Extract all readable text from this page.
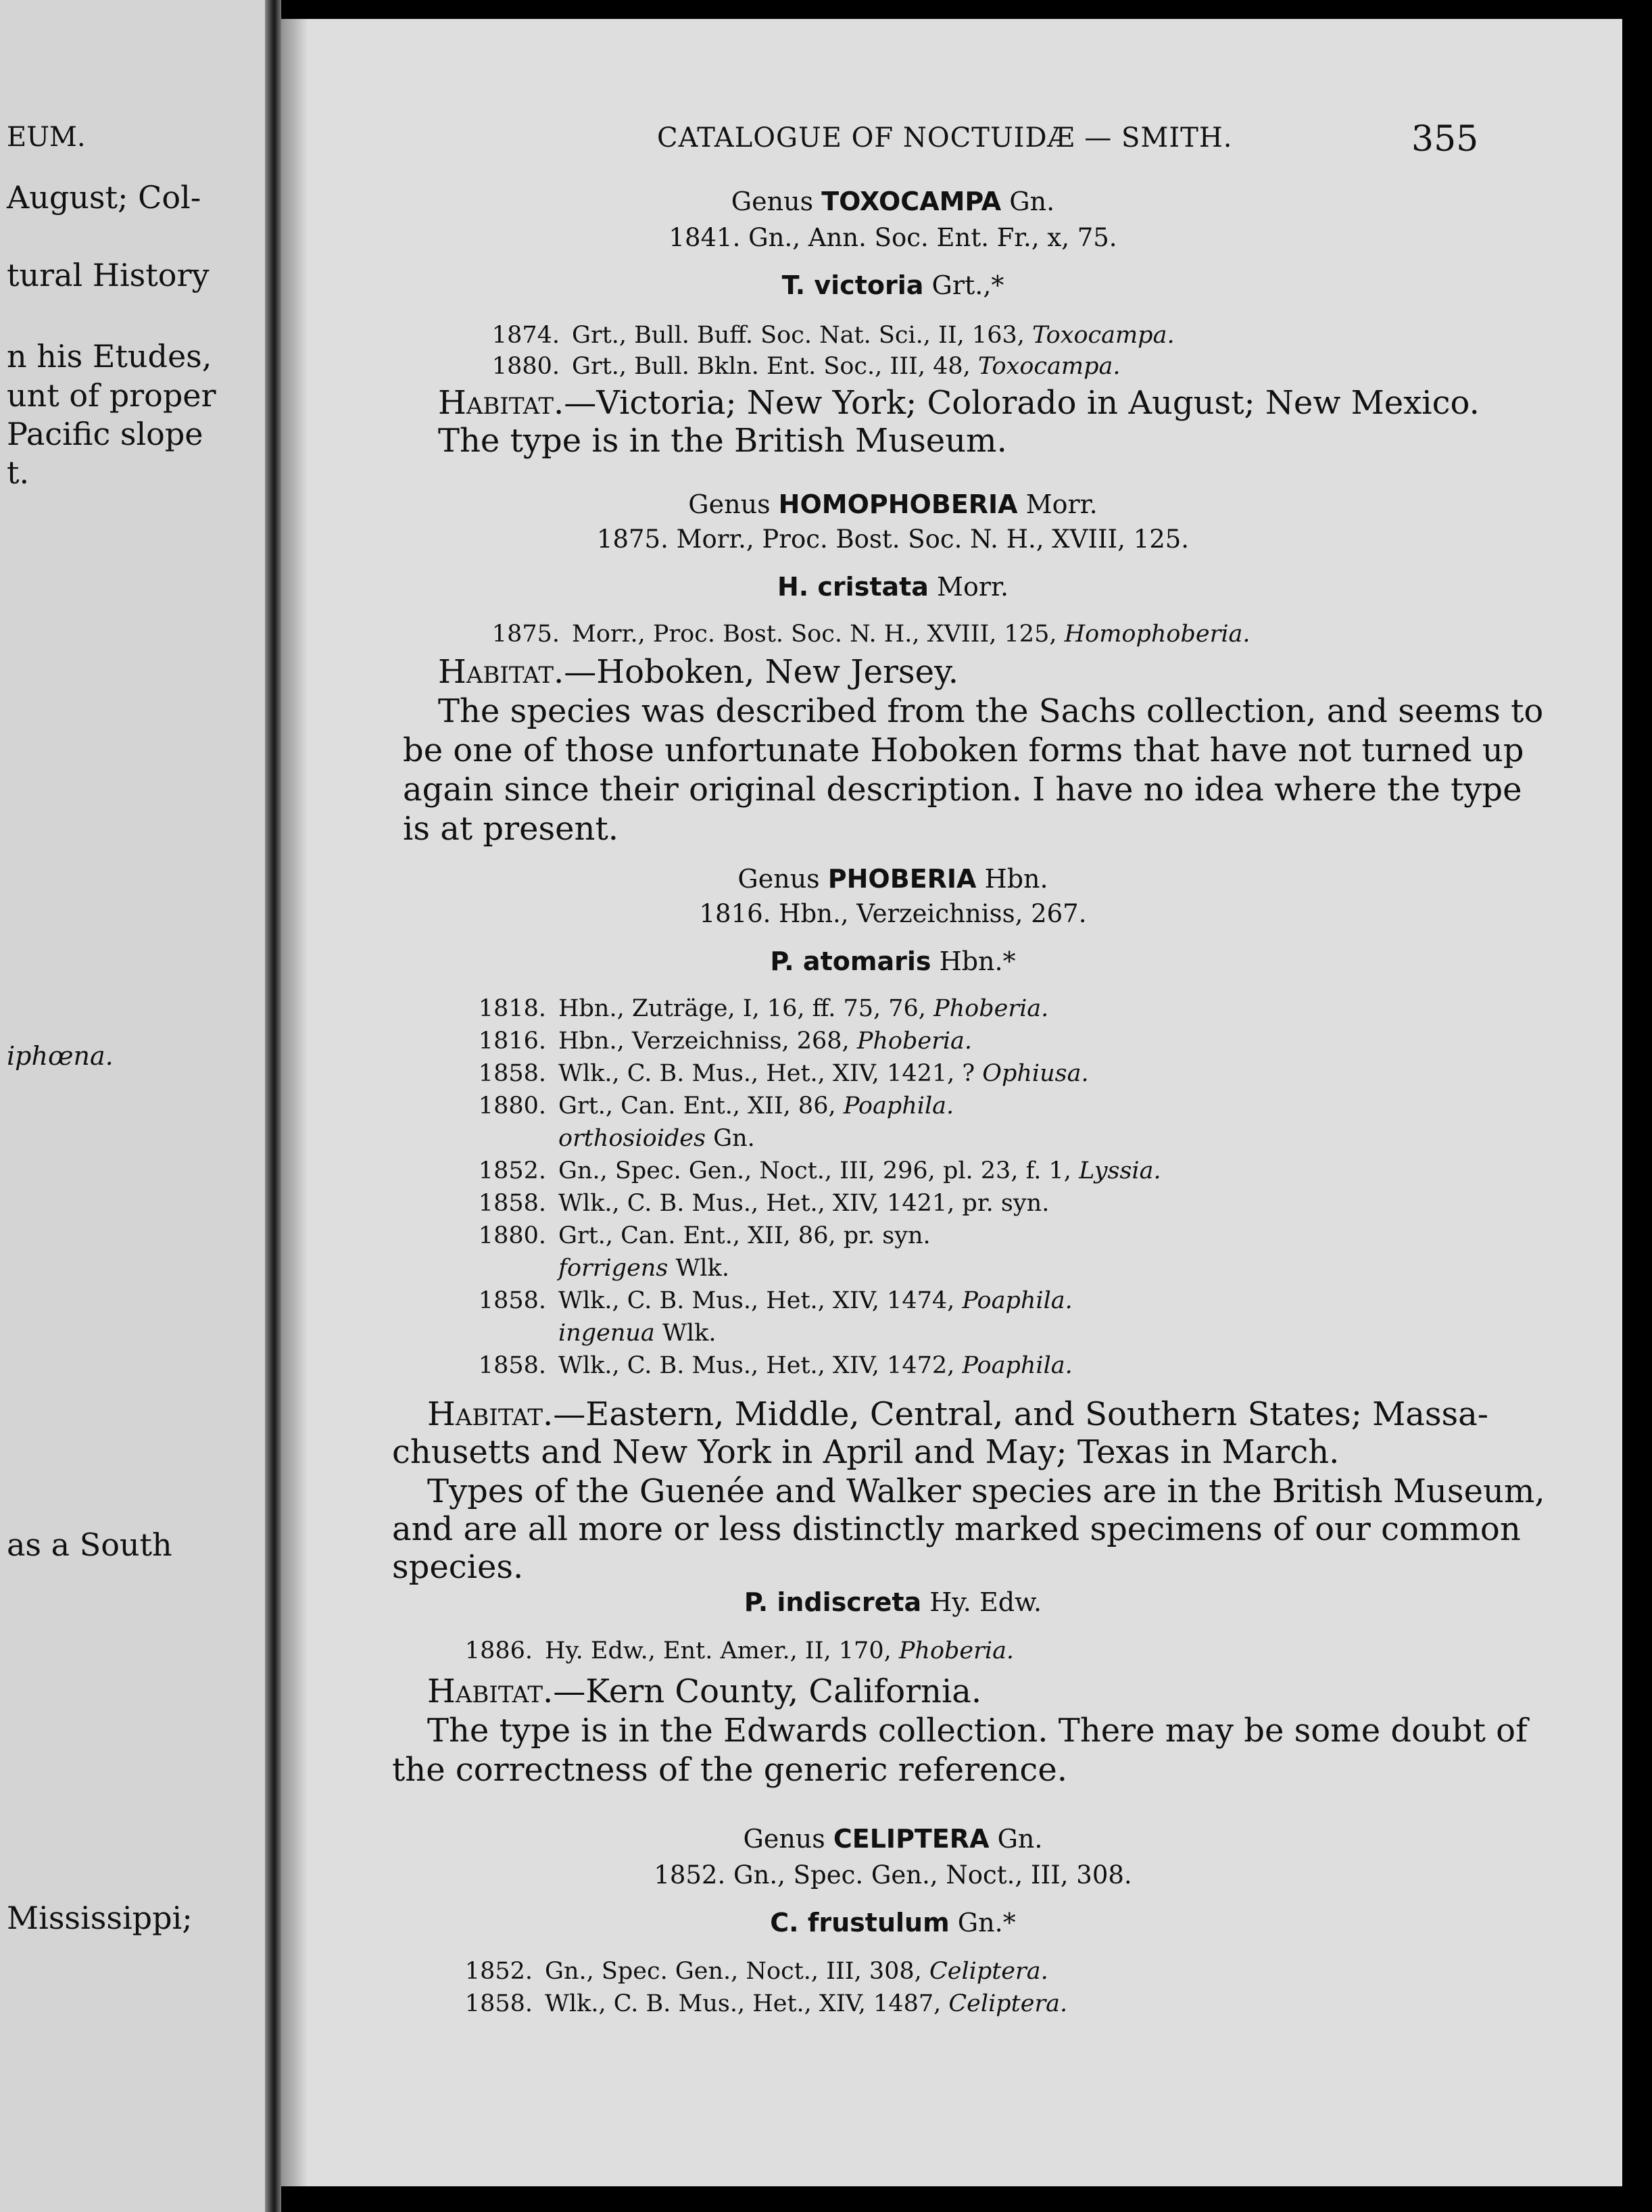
EUM.
August; Col-
tural History
n his Etudes,
unt of proper
Pacific slope
t.
iphœna.
as a South
Mississippi;
CATALOGUE OF NOCTUIDÆ — SMITH.	355
Genus TOXOCAMPA Gn.
1841. Gn., Ann. Soc. Ent. Fr., x, 75.
T. victoria Grt.,*
1874. Grt., Bull. Buff. Soc. Nat. Sci., II, 163, Toxocampa.
1880. Grt., Bull. Bkln. Ent. Soc., III, 48, Toxocampa.
Habitat.—Victoria; New York; Colorado in August; New Mexico.
The type is in the British Museum.
Genus HOMOPHOBERIA Morr.
1875. Morr., Proc. Bost. Soc. N. H., XVIII, 125.
H. cristata Morr.
1875. Morr., Proc. Bost. Soc. N. H., XVIII, 125, Homophoberia.
Habitat.—Hoboken, New Jersey.
The species was described from the Sachs collection, and seems to
be one of those unfortunate Hoboken forms that have not turned up
again since their original description. I have no idea where the type
is at present.
Genus PHOBERIA Hbn.
1816. Hbn., Verzeichniss, 267.
P. atomaris Hbn.*
1818. Hbn., Zuträge, I, 16, ff. 75, 76, Phoberia.
1816. Hbn., Verzeichniss, 268, Phoberia.
1858. Wlk., C. B. Mus., Het., XIV, 1421, ? Ophiusa.
1880. Grt., Can. Ent., XII, 86, Poaphila.
orthosioides Gn.
1852. Gn., Spec. Gen., Noct., III, 296, pl. 23, f. 1, Lyssia.
1858. Wlk., C. B. Mus., Het., XIV, 1421, pr. syn.
1880. Grt., Can. Ent., XII, 86, pr. syn.
forrigens Wlk.
1858. Wlk., C. B. Mus., Het., XIV, 1474, Poaphila.
ingenua Wlk.
1858. Wlk., C. B. Mus., Het., XIV, 1472, Poaphila.
Habitat.—Eastern, Middle, Central, and Southern States; Massa-
chusetts and New York in April and May; Texas in March.
Types of the Guenée and Walker species are in the British Museum,
and are all more or less distinctly marked specimens of our common
species.
P. indiscreta Hy. Edw.
1886. Hy. Edw., Ent. Amer., II, 170, Phoberia.
Habitat.—Kern County, California.
The type is in the Edwards collection. There may be some doubt of
the correctness of the generic reference.
Genus CELIPTERA Gn.
1852. Gn., Spec. Gen., Noct., III, 308.
C. frustulum Gn.*
1852. Gn., Spec. Gen., Noct., III, 308, Celiptera.
1858. Wlk., C. B. Mus., Het., XIV, 1487, Celiptera.
